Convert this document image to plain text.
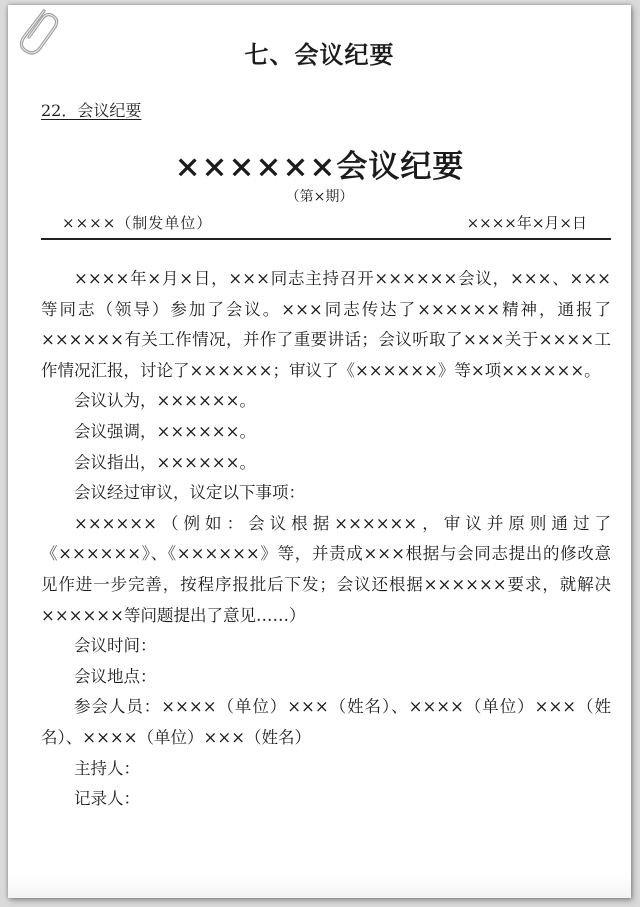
七、会议纪要
22．会议纪要
××××××会议纪要
（第×期）
××××（制发单位）	××××年×月×日

××××年×月×日，×××同志主持召开××××××会议，×××、×××等同志（领导）参加了会议。×××同志传达了××××××精神，通报了××××××有关工作情况，并作了重要讲话；会议听取了×××关于××××工作情况汇报，讨论了××××××；审议了《××××××》等×项××××××。

会议认为，××××××。

会议强调，××××××。

会议指出，××××××。

会议经过审议，议定以下事项：

××××××（例如：会议根据××××××，审议并原则通过了《××××××》、《××××××》等，并责成×××根据与会同志提出的修改意见作进一步完善，按程序报批后下发；会议还根据××××××要求，就解决××××××等问题提出了意见……）

会议时间：

会议地点：

参会人员：××××（单位）×××（姓名）、××××（单位）×××（姓名）、××××（单位）×××（姓名）

主持人：

记录人：
